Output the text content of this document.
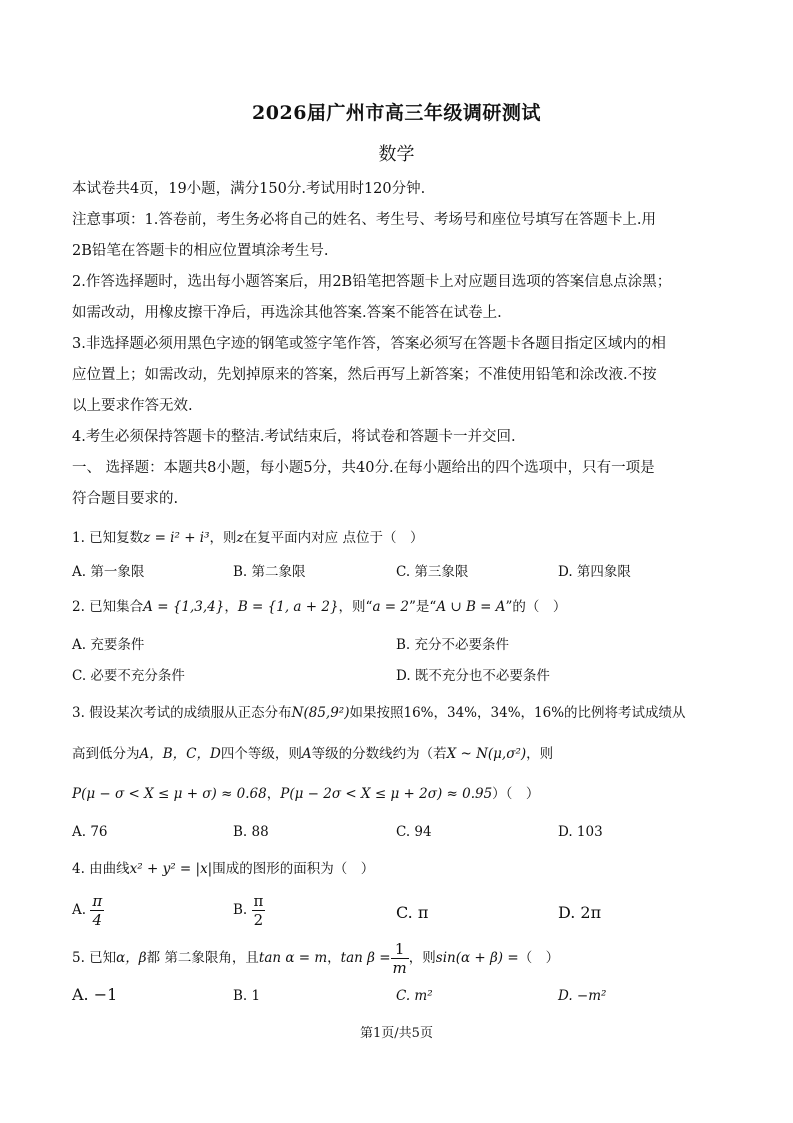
2026届广州市高三年级调研测试
数学
本试卷共4页，19小题，满分150分.考试用时120分钟.
注意事项：1.答卷前，考生务必将自己的姓名、考生号、考场号和座位号填写在答题卡上.用
2B铅笔在答题卡的相应位置填涂考生号.
2.作答选择题时，选出每小题答案后，用2B铅笔把答题卡上对应题目选项的答案信息点涂黑；
如需改动，用橡皮擦干净后，再选涂其他答案.答案不能答在试卷上.
3.非选择题必须用黑色字迹的钢笔或签字笔作答，答案必须写在答题卡各题目指定区域内的相
应位置上；如需改动，先划掉原来的答案，然后再写上新答案；不准使用铅笔和涂改液.不按
以上要求作答无效.
4.考生必须保持答题卡的整洁.考试结束后，将试卷和答题卡一并交回.
一、 选择题：本题共8小题，每小题5分，共40分.在每小题给出的四个选项中，只有一项是
符合题目要求的.
1. 已知复数z = i² + i³，则z在复平面内对应 点位于（　）
A. 第一象限	B. 第二象限	C. 第三象限	D. 第四象限
2. 已知集合A = {1,3,4}，B = {1, a + 2}，则“a = 2”是“A ∪ B = A”的（　）
A. 充要条件	B. 充分不必要条件
C. 必要不充分条件	D. 既不充分也不必要条件
3. 假设某次考试的成绩服从正态分布N(85,9²)如果按照16%，34%，34%，16%的比例将考试成绩从
高到低分为A，B，C，D四个等级，则A等级的分数线约为（若X ~ N(μ,σ²)，则
P(μ − σ < X ≤ μ + σ) ≈ 0.68，P(μ − 2σ < X ≤ μ + 2σ) ≈ 0.95）（　）
A. 76	B. 88	C. 94	D. 103
4. 由曲线x² + y² = |x|围成的图形的面积为（　）
A. $\frac{\pi}{4}$	B. $\frac{\pi}{2}$	C. π	D. 2π
5. 已知α，β都 第二象限角，且tan α = m，$\tan \beta = \frac{1}{m}$ ，则sin(α + β) =（　）
A. −1	B. 1	C. m²	D. −m²
第1页/共5页
